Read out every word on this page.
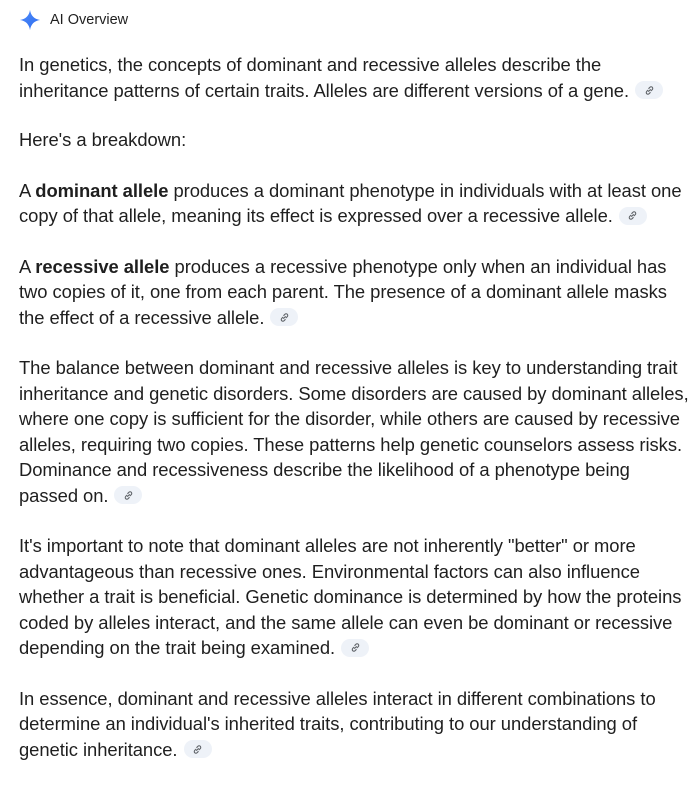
AI Overview

In genetics, the concepts of dominant and recessive alleles describe the inheritance patterns of certain traits. Alleles are different versions of a gene.

Here's a breakdown:

A dominant allele produces a dominant phenotype in individuals with at least one copy of that allele, meaning its effect is expressed over a recessive allele.

A recessive allele produces a recessive phenotype only when an individual has two copies of it, one from each parent. The presence of a dominant allele masks the effect of a recessive allele.

The balance between dominant and recessive alleles is key to understanding trait inheritance and genetic disorders. Some disorders are caused by dominant alleles, where one copy is sufficient for the disorder, while others are caused by recessive alleles, requiring two copies. These patterns help genetic counselors assess risks. Dominance and recessiveness describe the likelihood of a phenotype being passed on.

It's important to note that dominant alleles are not inherently "better" or more advantageous than recessive ones. Environmental factors can also influence whether a trait is beneficial. Genetic dominance is determined by how the proteins coded by alleles interact, and the same allele can even be dominant or recessive depending on the trait being examined.

In essence, dominant and recessive alleles interact in different combinations to determine an individual's inherited traits, contributing to our understanding of genetic inheritance.
